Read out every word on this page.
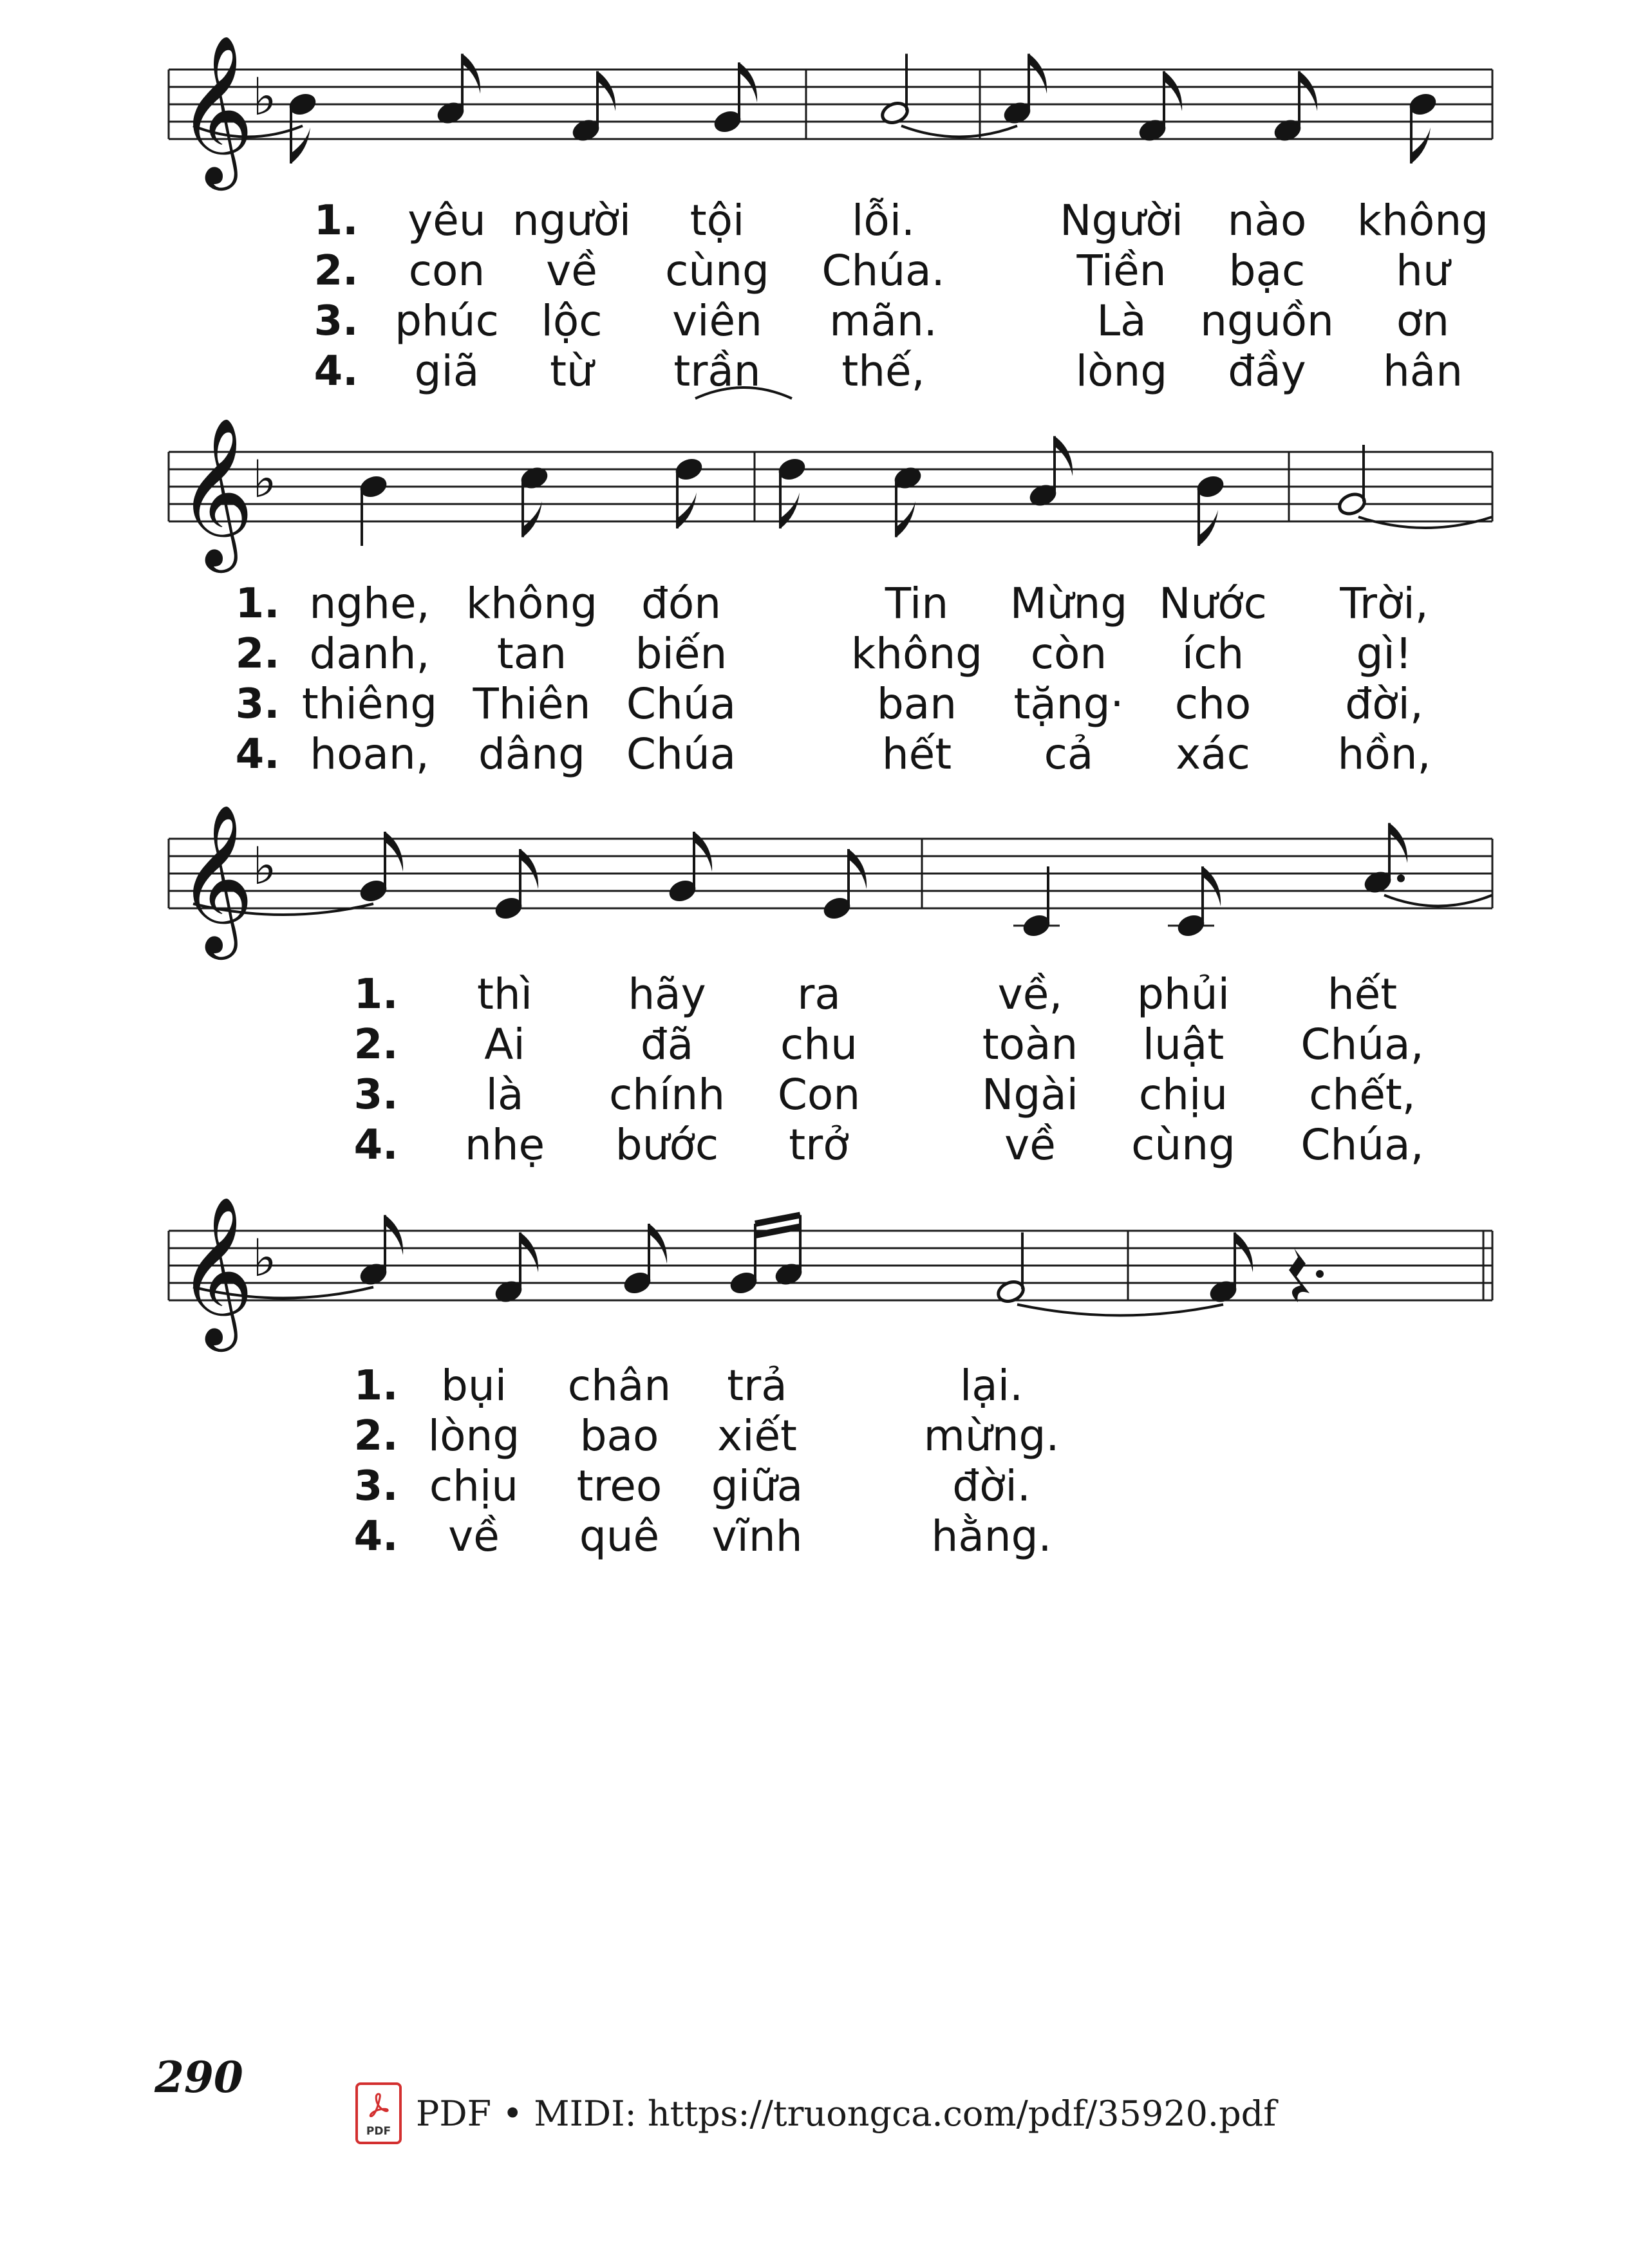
𝄞
♭
𝄞
♭
𝄞
♭
𝄞
♭
1. yêu người tội	lỗi.	Người nào không
2. con về cùng Chúa.	Tiền bạc hư
3. phúc lộc viên mãn.	Là nguồn ơn
4. giã từ trần thế,	lòng đầy hân
1. nghe, không đón	Tin Mừng Nước Trời,
2. danh, tan biến	không còn ích	gì!
3. thiêng Thiên Chúa	ban tặng· cho đời,
4. hoan, dâng Chúa	hết cả xác hồn,
1. thì hãy ra	về, phủi hết
2. Ai	đã chu	toàn luật Chúa,
3. là chính Con	Ngài chịu chết,
4. nhẹ bước trở	về cùng Chúa,
1. bụi chân trả	lại.
2. lòng bao xiết	mừng.
3. chịu treo giữa	đời.
4. về quê vĩnh	hằng.
290
PDF PDF • MIDI: https://truongca.com/pdf/35920.pdf
